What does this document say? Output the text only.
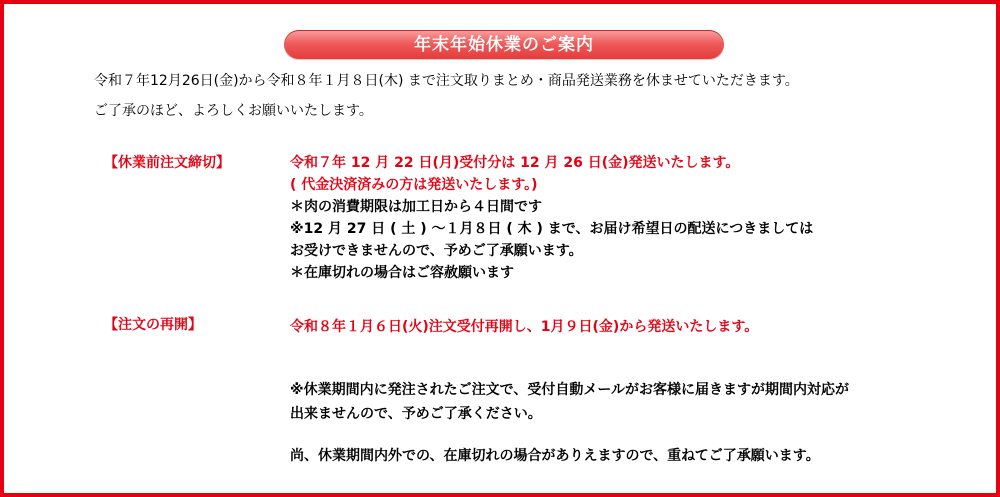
年末年始休業のご案内
令和７年12月26日(金)から令和８年１月８日(木) まで注文取りまとめ・商品発送業務を休ませていただきます。
ご了承のほど、よろしくお願いいたします。
【休業前注文締切】	令和７年 12 月 22 日(月)受付分は 12 月 26 日(金)発送いたします。
( 代金決済済みの方は発送いたします。)
＊肉の消費期限は加工日から４日間です
※12 月 27 日 ( 土 ) ～１月８日 ( 木 ) まで、お届け希望日の配送につきましては
お受けできませんので、予めご了承願います。
＊在庫切れの場合はご容赦願います
【注文の再開】	令和８年１月６日(火)注文受付再開し、1月９日(金)から発送いたします。
※休業期間内に発注されたご注文で、受付自動メールがお客様に届きますが期間内対応が
出来ませんので、予めご了承ください。
尚、休業期間内外での、在庫切れの場合がありえますので、重ねてご了承願います。
